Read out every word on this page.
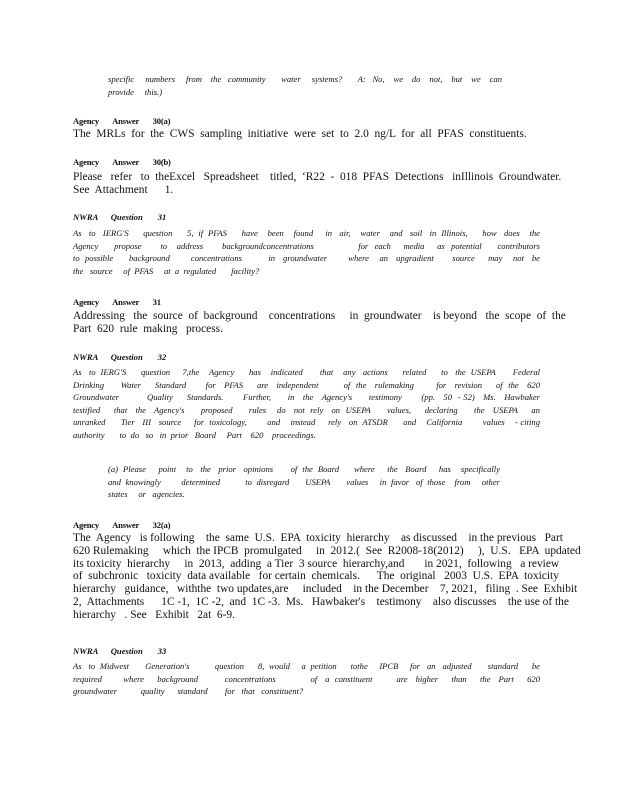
specific     numbers     from    the   community       water     systems?       A:   No,    we    do    not,    but    we    can
provide     this.)
Agency       Answer       30(a)
The  MRLs  for  the  CWS  sampling  initiative  were  set  to  2.0  ng/L  for  all  PFAS  constituents.
Agency       Answer       30(b)
Please   refer   to  theExcel   Spreadsheet    titled,  ‘R22  -  018  PFAS  Detections   inIllinois  Groundwater.
See  Attachment      1.
NWRA      Question       31
As   to   IERG'S      question      5,  if  PFAS      have    been    found     in   air,    water    and   soil   in  Illinois,      how   does    the
Agency     propose      to   address      backgroundconcentrations              for  each    media    as  potential     contributors
to  possible      background        concentrations          in   groundwater        where    an   upgradient       source     may    not   be
the   source     of  PFAS     at  a  regulated       facility?
Agency       Answer       31
Addressing   the  source  of  background    concentrations     in  groundwater    is beyond   the  scope  of  the
Part  620  rule  making   process.
NWRA      Question       32
As   to  IERG'S      question     7,the    Agency      has    indicated       that    any   actions      related      to   the  USEPA       Federal
Drinking      Water     Standard       for   PFAS     are   independent         of  the   rulemaking        for   revision     of  the   620
Groundwater          Quality     Standards.       Further,      in   the   Agency's      testimony       (pp.   50  - 52)   Ms.   Hawbaker
testified     that   the   Agency's      proposed      rules    do   not  rely   on  USEPA      values,     declaring      the   USEPA     an
unranked      Tier   III   source     for  toxicology,        and    instead     rely   on  ATSDR      and    California        values    - citing
authority       to  do   so   in  prior   Board     Part    620    proceedings.
(a)  Please     point    to   the   prior   opinions       of  the  Board      where     the   Board     has    specifically
and  knowingly         determined           to  disregard       USEPA       values     in  favor   of  those    from     other
states     or   agencies.
Agency       Answer       32(a)
The  Agency   is following    the  same  U.S.  EPA  toxicity  hierarchy    as discussed    in the previous   Part
620 Rulemaking     which  the IPCB  promulgated     in  2012.(  See  R2008-18(2012)     ),  U.S.   EPA  updated
its toxicity  hierarchy     in  2013,  adding  a Tier  3 source  hierarchy,and       in 2021,  following   a review
of  subchronic   toxicity  data available   for certain  chemicals.      The  original   2003  U.S.  EPA  toxicity
hierarchy   guidance,   withthe  two updates,are     included    in the December    7, 2021,   filing  . See  Exhibit
2,  Attachments      1C -1,  1C -2,  and  1C -3.  Ms.   Hawbaker's    testimony    also discusses    the use of the
hierarchy   . See   Exhibit   2at  6-9.
NWRA      Question       33
As   to  Midwest       Generation's           question      8,  would     a  petition      tothe     IPCB     for   an   adjusted       standard      be
required        where     background          concentrations             of   a  constituent         are   higher     than     the   Part     620
groundwater           quality      standard        for   that   constituent?
